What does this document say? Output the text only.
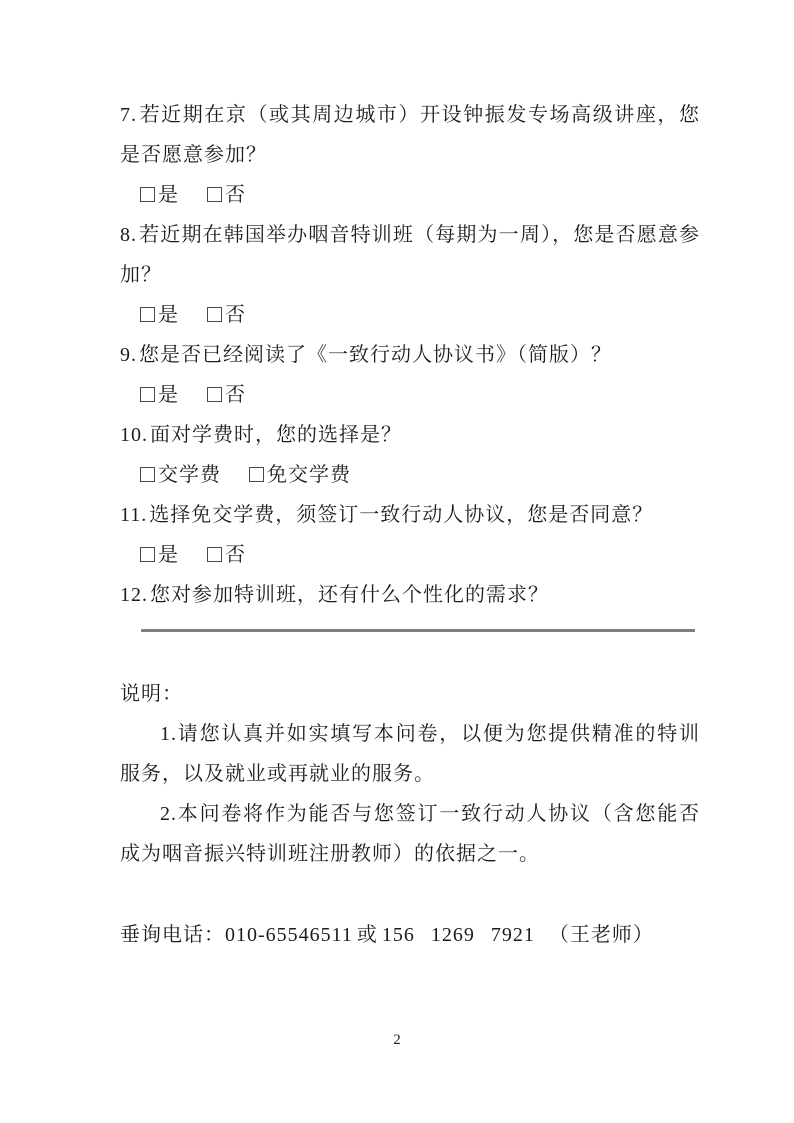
7. 若近期在京（或其周边城市）开设钟振发专场高级讲座，您是否愿意参加？

是 否

8. 若近期在韩国举办咽音特训班（每期为一周），您是否愿意参加？

是 否

9. 您是否已经阅读了《一致行动人协议书》（简版）？

是 否

10. 面对学费时，您的选择是？

交学费 免交学费

11. 选择免交学费，须签订一致行动人协议，您是否同意？

是 否

12. 您对参加特训班，还有什么个性化的需求？

说明：

1.请您认真并如实填写本问卷，以便为您提供精准的特训服务，以及就业或再就业的服务。

2.本问卷将作为能否与您签订一致行动人协议（含您能否成为咽音振兴特训班注册教师）的依据之一。

垂询电话：010-65546511 或 156 1269 7921 （王老师）
2
